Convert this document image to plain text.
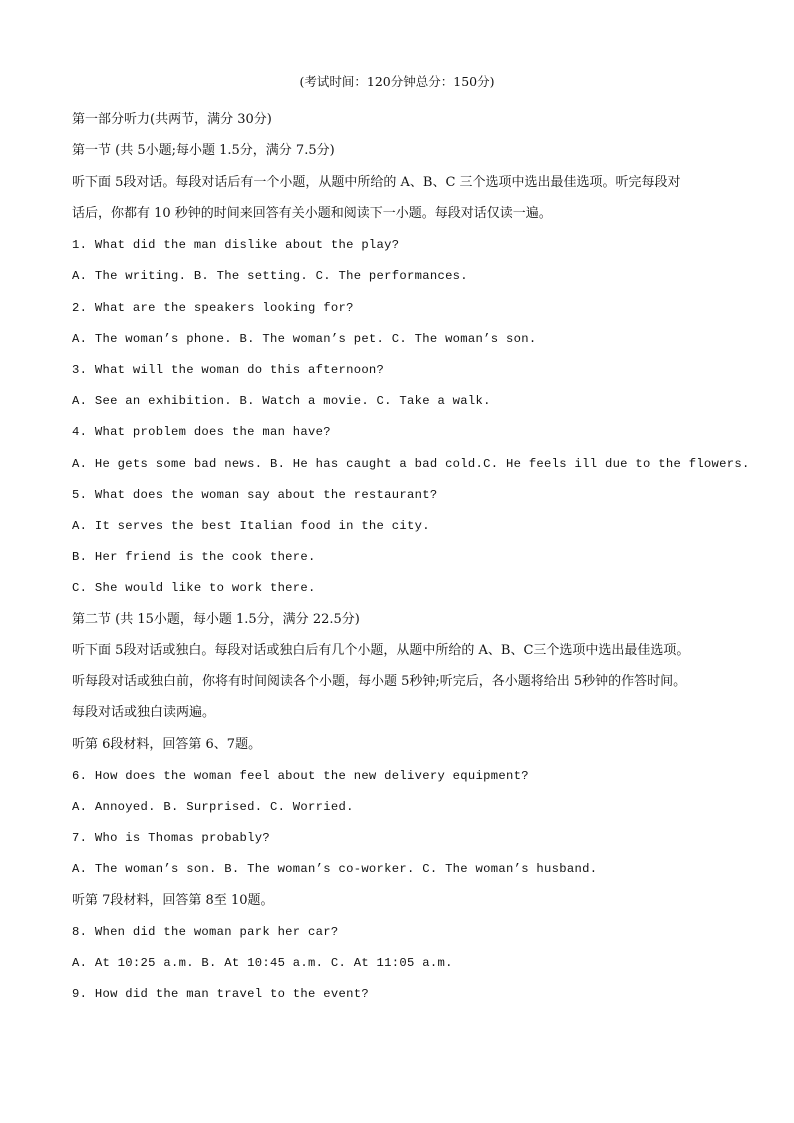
(考试时间：120分钟总分：150分)
第一部分听力(共两节，满分 30分)
第一节 (共 5小题;每小题 1.5分，满分 7.5分)
听下面 5段对话。每段对话后有一个小题，从题中所给的 A、B、C 三个选项中选出最佳选项。听完每段对
话后，你都有 10 秒钟的时间来回答有关小题和阅读下一小题。每段对话仅读一遍。
1. What did the man dislike about the play?
A. The writing. B. The setting. C. The performances.
2. What are the speakers looking for?
A. The woman’s phone. B. The woman’s pet. C. The woman’s son.
3. What will the woman do this afternoon?
A. See an exhibition. B. Watch a movie. C. Take a walk.
4. What problem does the man have?
A. He gets some bad news. B. He has caught a bad cold.C. He feels ill due to the flowers.
5. What does the woman say about the restaurant?
A. It serves the best Italian food in the city.
B. Her friend is the cook there.
C. She would like to work there.
第二节 (共 15小题，每小题 1.5分，满分 22.5分)
听下面 5段对话或独白。每段对话或独白后有几个小题，从题中所给的 A、B、C三个选项中选出最佳选项。
听每段对话或独白前，你将有时间阅读各个小题，每小题 5秒钟;听完后，各小题将给出 5秒钟的作答时间。
每段对话或独白读两遍。
听第 6段材料，回答第 6、7题。
6. How does the woman feel about the new delivery equipment?
A. Annoyed. B. Surprised. C. Worried.
7. Who is Thomas probably?
A. The woman’s son. B. The woman’s co-worker. C. The woman’s husband.
听第 7段材料，回答第 8至 10题。
8. When did the woman park her car?
A. At 10:25 a.m. B. At 10:45 a.m. C. At 11:05 a.m.
9. How did the man travel to the event?
